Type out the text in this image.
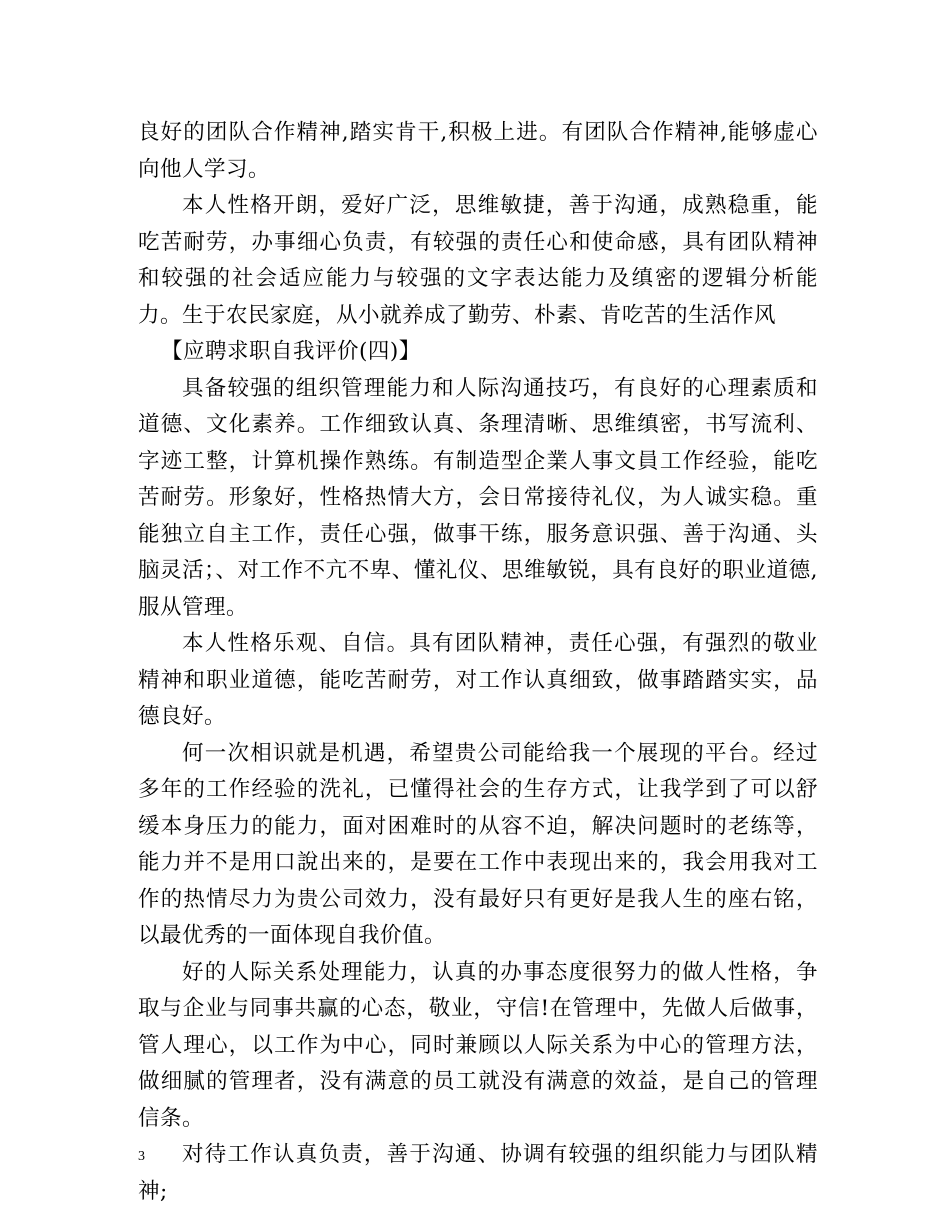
良好的团队合作精神,踏实肯干,积极上进。有团队合作精神,能够虚心向他人学习。

本人性格开朗，爱好广泛，思维敏捷，善于沟通，成熟稳重，能吃苦耐劳，办事细心负责，有较强的责任心和使命感，具有团队精神和较强的社会适应能力与较强的文字表达能力及缜密的逻辑分析能力。生于农民家庭，从小就养成了勤劳、朴素、肯吃苦的生活作风

【应聘求职自我评价(四)】

具备较强的组织管理能力和人际沟通技巧，有良好的心理素质和道德、文化素养。工作细致认真、条理清晰、思维缜密，书写流利、字迹工整，计算机操作熟练。有制造型企業人事文員工作经验，能吃苦耐劳。形象好，性格热情大方，会日常接待礼仪，为人诚实稳。重能独立自主工作，责任心强，做事干练，服务意识强、善于沟通、头脑灵活；、对工作不亢不卑、懂礼仪、思维敏锐，具有良好的职业道德,服从管理。

本人性格乐观、自信。具有团队精神，责任心强，有强烈的敬业精神和职业道德，能吃苦耐劳，对工作认真细致，做事踏踏实实，品德良好。

何一次相识就是机遇，希望贵公司能给我一个展现的平台。经过多年的工作经验的洗礼，已懂得社会的生存方式，让我学到了可以舒缓本身压力的能力，面对困难时的从容不迫，解决问题时的老练等，能力并不是用口說出来的，是要在工作中表现出来的，我会用我对工作的热情尽力为贵公司效力，没有最好只有更好是我人生的座右铭，以最优秀的一面体现自我价值。

好的人际关系处理能力，认真的办事态度很努力的做人性格，争取与企业与同事共赢的心态，敬业，守信!在管理中，先做人后做事，管人理心，以工作为中心，同时兼顾以人际关系为中心的管理方法，做细腻的管理者，没有满意的员工就没有满意的效益，是自己的管理信条。

对待工作认真负责，善于沟通、协调有较强的组织能力与团队精神;

3
